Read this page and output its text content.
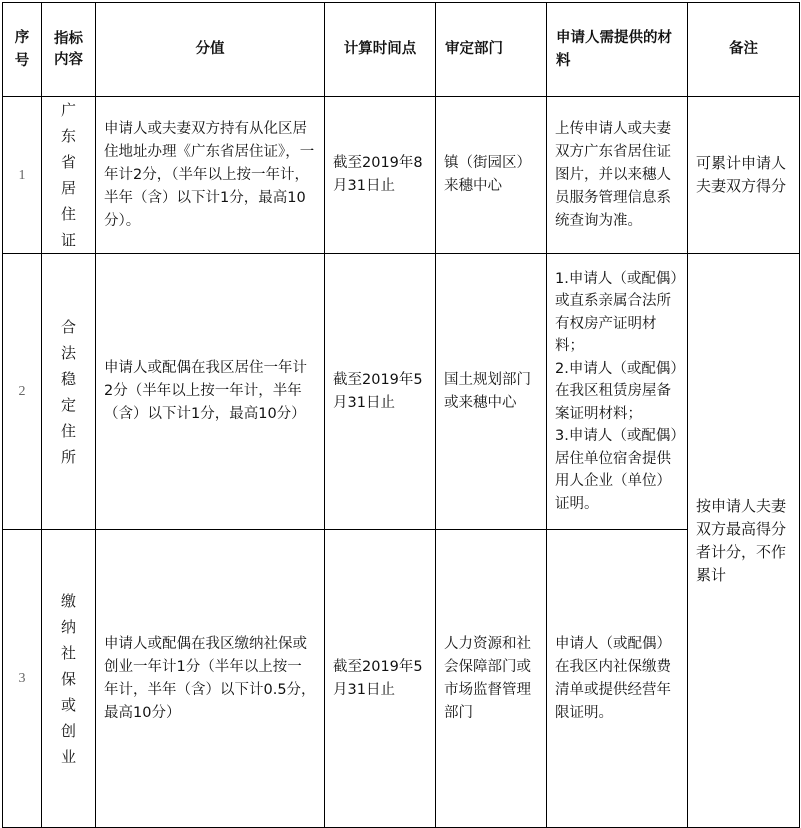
序号	指标内容	分值	计算时间点	审定部门	申请人需提供的材料	备注
1	广东省居住证	申请人或夫妻双方持有从化区居住地址办理《广东省居住证》，一年计2分，（半年以上按一年计，半年（含）以下计1分，最高10分）。	截至2019年8月31日止	镇（街园区）来穗中心	上传申请人或夫妻双方广东省居住证图片，并以来穗人员服务管理信息系统查询为准。	可累计申请人夫妻双方得分
2	合法稳定住所	申请人或配偶在我区居住一年计2分（半年以上按一年计，半年（含）以下计1分，最高10分）	截至2019年5月31日止	国土规划部门或来穗中心	1.申请人（或配偶）或直系亲属合法所有权房产证明材料；
2.申请人（或配偶）在我区租赁房屋备案证明材料；
3.申请人（或配偶）居住单位宿舍提供用人企业（单位）证明。	按申请人夫妻双方最高得分者计分，不作累计
3	缴纳社保或创业	申请人或配偶在我区缴纳社保或创业一年计1分（半年以上按一年计，半年（含）以下计0.5分，最高10分）	截至2019年5月31日止	人力资源和社会保障部门或市场监督管理部门	申请人（或配偶）在我区内社保缴费清单或提供经营年限证明。	
